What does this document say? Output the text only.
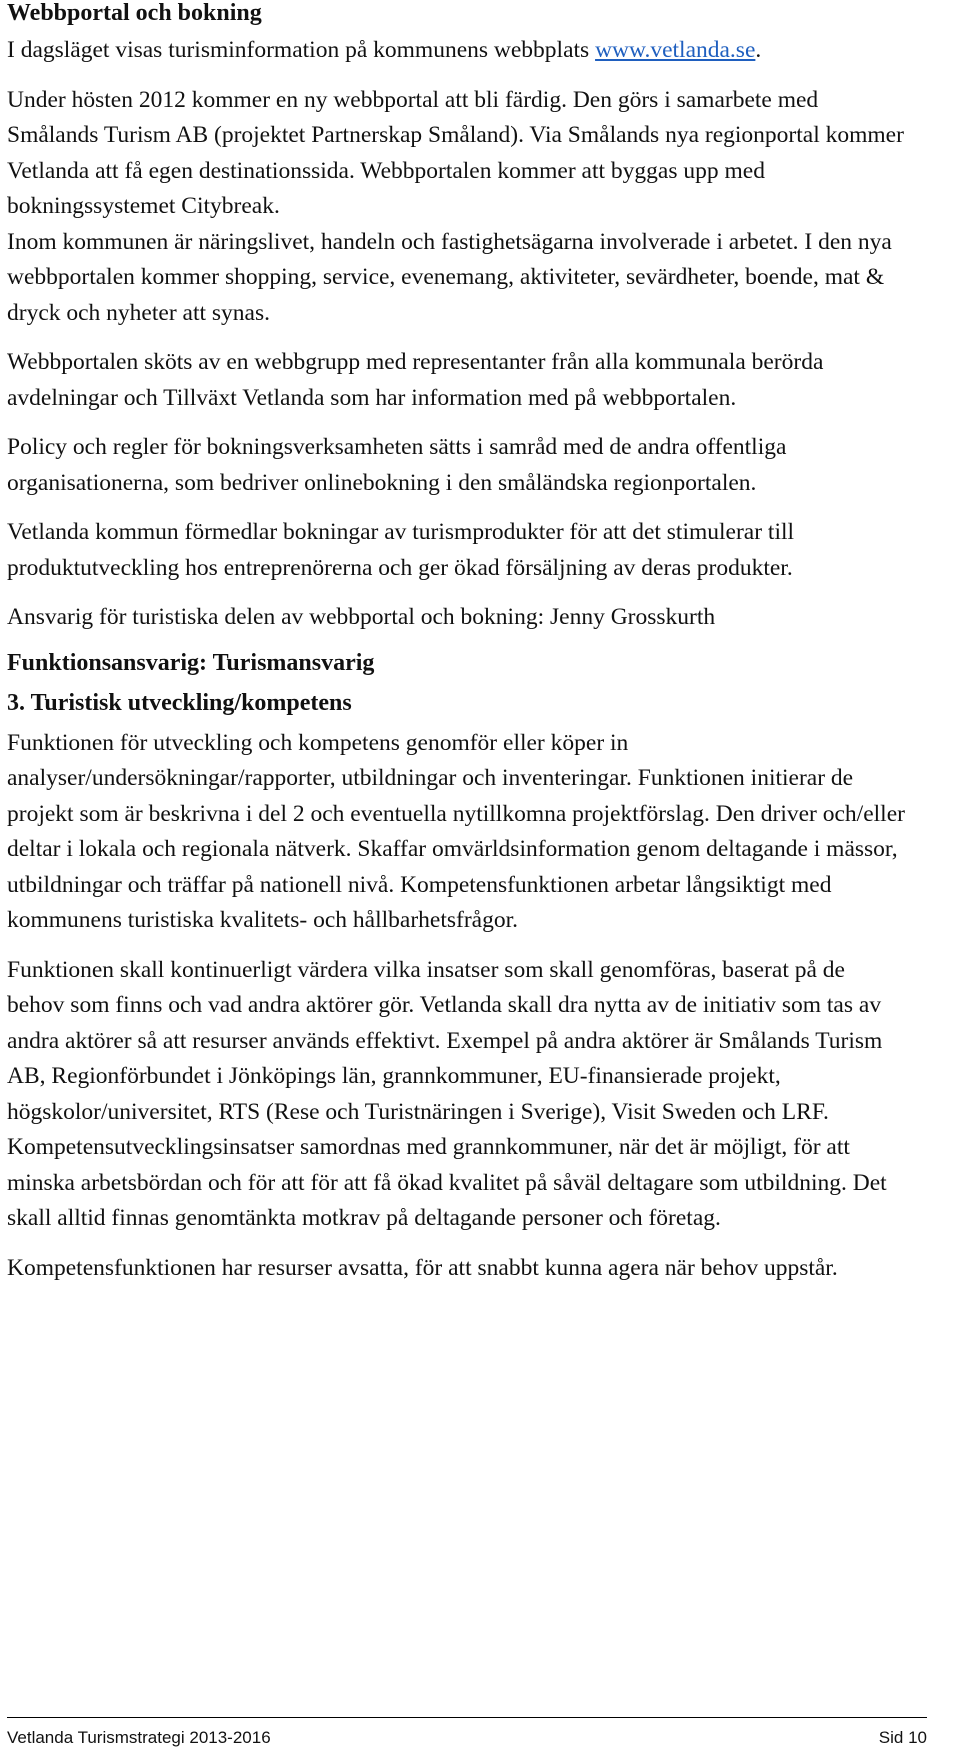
Webbportal och bokning

I dagsläget visas turisminformation på kommunens webbplats www.vetlanda.se.

Under hösten 2012 kommer en ny webbportal att bli färdig. Den görs i samarbete med Smålands Turism AB (projektet Partnerskap Småland). Via Smålands nya regionportal kommer Vetlanda att få egen destinationssida. Webbportalen kommer att byggas upp med bokningssystemet Citybreak.

Inom kommunen är näringslivet, handeln och fastighetsägarna involverade i arbetet. I den nya webbportalen kommer shopping, service, evenemang, aktiviteter, sevärdheter, boende, mat & dryck och nyheter att synas.

Webbportalen sköts av en webbgrupp med representanter från alla kommunala berörda avdelningar och Tillväxt Vetlanda som har information med på webbportalen.

Policy och regler för bokningsverksamheten sätts i samråd med de andra offentliga organisationerna, som bedriver onlinebokning i den småländska regionportalen.

Vetlanda kommun förmedlar bokningar av turismprodukter för att det stimulerar till produktutveckling hos entreprenörerna och ger ökad försäljning av deras produkter.

Ansvarig för turistiska delen av webbportal och bokning: Jenny Grosskurth

Funktionsansvarig: Turismansvarig
3. Turistisk utveckling/kompetens

Funktionen för utveckling och kompetens genomför eller köper in analyser/undersökningar/rapporter, utbildningar och inventeringar. Funktionen initierar de projekt som är beskrivna i del 2 och eventuella nytillkomna projektförslag. Den driver och/eller deltar i lokala och regionala nätverk. Skaffar omvärldsinformation genom deltagande i mässor, utbildningar och träffar på nationell nivå. Kompetensfunktionen arbetar långsiktigt med kommunens turistiska kvalitets- och hållbarhetsfrågor.

Funktionen skall kontinuerligt värdera vilka insatser som skall genomföras, baserat på de behov som finns och vad andra aktörer gör. Vetlanda skall dra nytta av de initiativ som tas av andra aktörer så att resurser används effektivt. Exempel på andra aktörer är Smålands Turism AB, Regionförbundet i Jönköpings län, grannkommuner, EU-finansierade projekt, högskolor/universitet, RTS (Rese och Turistnäringen i Sverige), Visit Sweden och LRF.

Kompetensutvecklingsinsatser samordnas med grannkommuner, när det är möjligt, för att minska arbetsbördan och för att för att få ökad kvalitet på såväl deltagare som utbildning. Det skall alltid finnas genomtänkta motkrav på deltagande personer och företag.

Kompetensfunktionen har resurser avsatta, för att snabbt kunna agera när behov uppstår.

Vetlanda Turismstrategi 2013-2016	Sid 10
